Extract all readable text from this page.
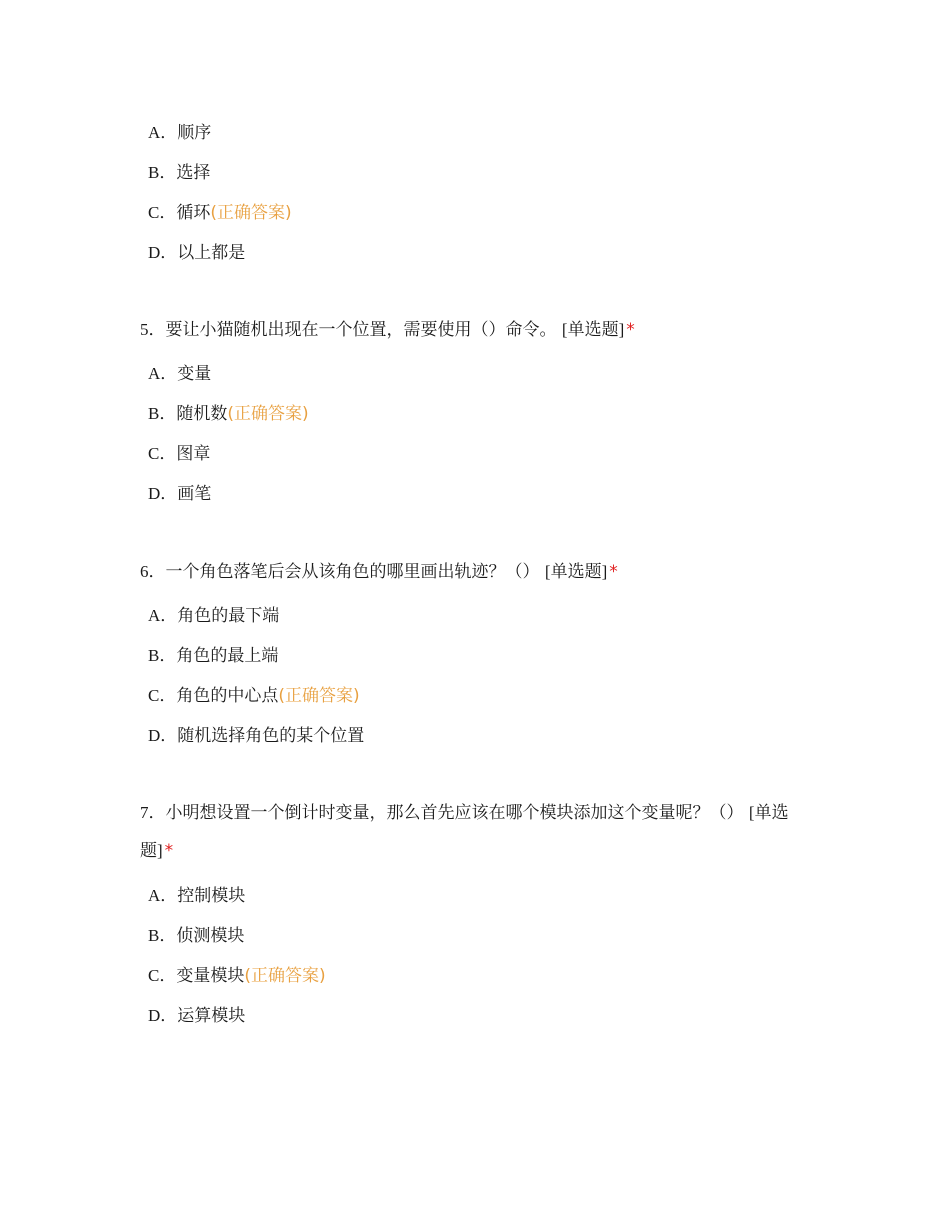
A．顺序
B．选择
C．循环(正确答案)
D．以上都是
5．要让小猫随机出现在一个位置，需要使用（）命令。 [单选题] *
A．变量
B．随机数(正确答案)
C．图章
D．画笔
6．一个角色落笔后会从该角色的哪里画出轨迹？（） [单选题] *
A．角色的最下端
B．角色的最上端
C．角色的中心点(正确答案)
D．随机选择角色的某个位置
7．小明想设置一个倒计时变量，那么首先应该在哪个模块添加这个变量呢？（） [单选题] *
A．控制模块
B．侦测模块
C．变量模块(正确答案)
D．运算模块
